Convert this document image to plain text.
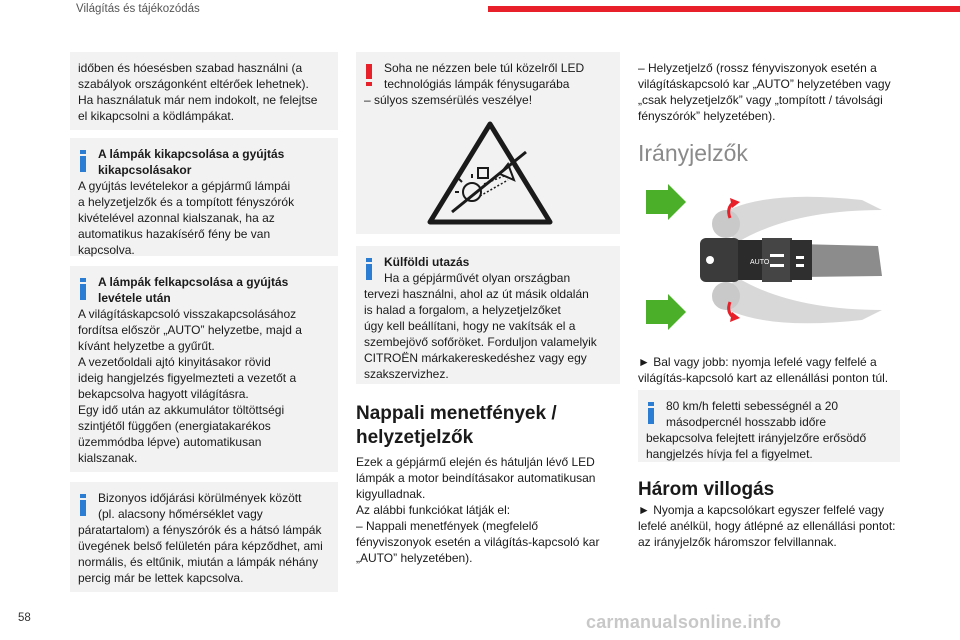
Világítás és tájékozódás

időben és hóesésben szabad használni (a

szabályok országonként eltérőek lehetnek).

Ha használatuk már nem indokolt, ne felejtse

el kikapcsolni a ködlámpákat.

A lámpák kikapcsolása a gyújtás

kikapcsolásakor

A gyújtás levételekor a gépjármű lámpái

a helyzetjelzők és a tompított fényszórók

kivételével azonnal kialszanak, ha az

automatikus hazakísérő fény be van

kapcsolva.

A lámpák felkapcsolása a gyújtás

levétele után

A világításkapcsoló visszakapcsolásához

fordítsa először „AUTO” helyzetbe, majd a

kívánt helyzetbe a gyűrűt.

A vezetőoldali ajtó kinyitásakor rövid

ideig hangjelzés figyelmezteti a vezetőt a

bekapcsolva hagyott világításra.

Egy idő után az akkumulátor töltöttségi

szintjétől függően (energiatakarékos

üzemmódba lépve) automatikusan

kialszanak.

Bizonyos időjárási körülmények között

(pl. alacsony hőmérséklet vagy

páratartalom) a fényszórók és a hátsó lámpák

üvegének belső felületén pára képződhet, ami

normális, és eltűnik, miután a lámpák néhány

percig már be lettek kapcsolva.

Soha ne nézzen bele túl közelről LED

technológiás lámpák fénysugarába

– súlyos szemsérülés veszélye!

Külföldi utazás

Ha a gépjárművét olyan országban

tervezi használni, ahol az út másik oldalán

is halad a forgalom, a helyzetjelzőket

úgy kell beállítani, hogy ne vakítsák el a

szembejövő sofőröket. Forduljon valamelyik

CITROËN márkakereskedéshez vagy egy

szakszervizhez.

Nappali menetfények /
helyzetjelzők

Ezek a gépjármű elején és hátulján lévő LED

lámpák a motor beindításakor automatikusan

kigyulladnak.

Az alábbi funkciókat látják el:

– Nappali menetfények (megfelelő

fényviszonyok esetén a világítás-kapcsoló kar

„AUTO” helyzetében).

– Helyzetjelző (rossz fényviszonyok esetén a

világításkapcsoló kar „AUTO” helyzetében vagy

„csak helyzetjelzők” vagy „tompított / távolsági

fényszórók” helyzetében).

Irányjelzők
AUTO

► Bal vagy jobb: nyomja lefelé vagy felfelé a

világítás-kapcsoló kart az ellenállási ponton túl.

80 km/h feletti sebességnél a 20

másodpercnél hosszabb időre

bekapcsolva felejtett irányjelzőre erősödő

hangjelzés hívja fel a figyelmet.

Három villogás

► Nyomja a kapcsolókart egyszer felfelé vagy

lefelé anélkül, hogy átlépné az ellenállási pontot:

az irányjelzők háromszor felvillannak.

58	carmanualsonline.info
